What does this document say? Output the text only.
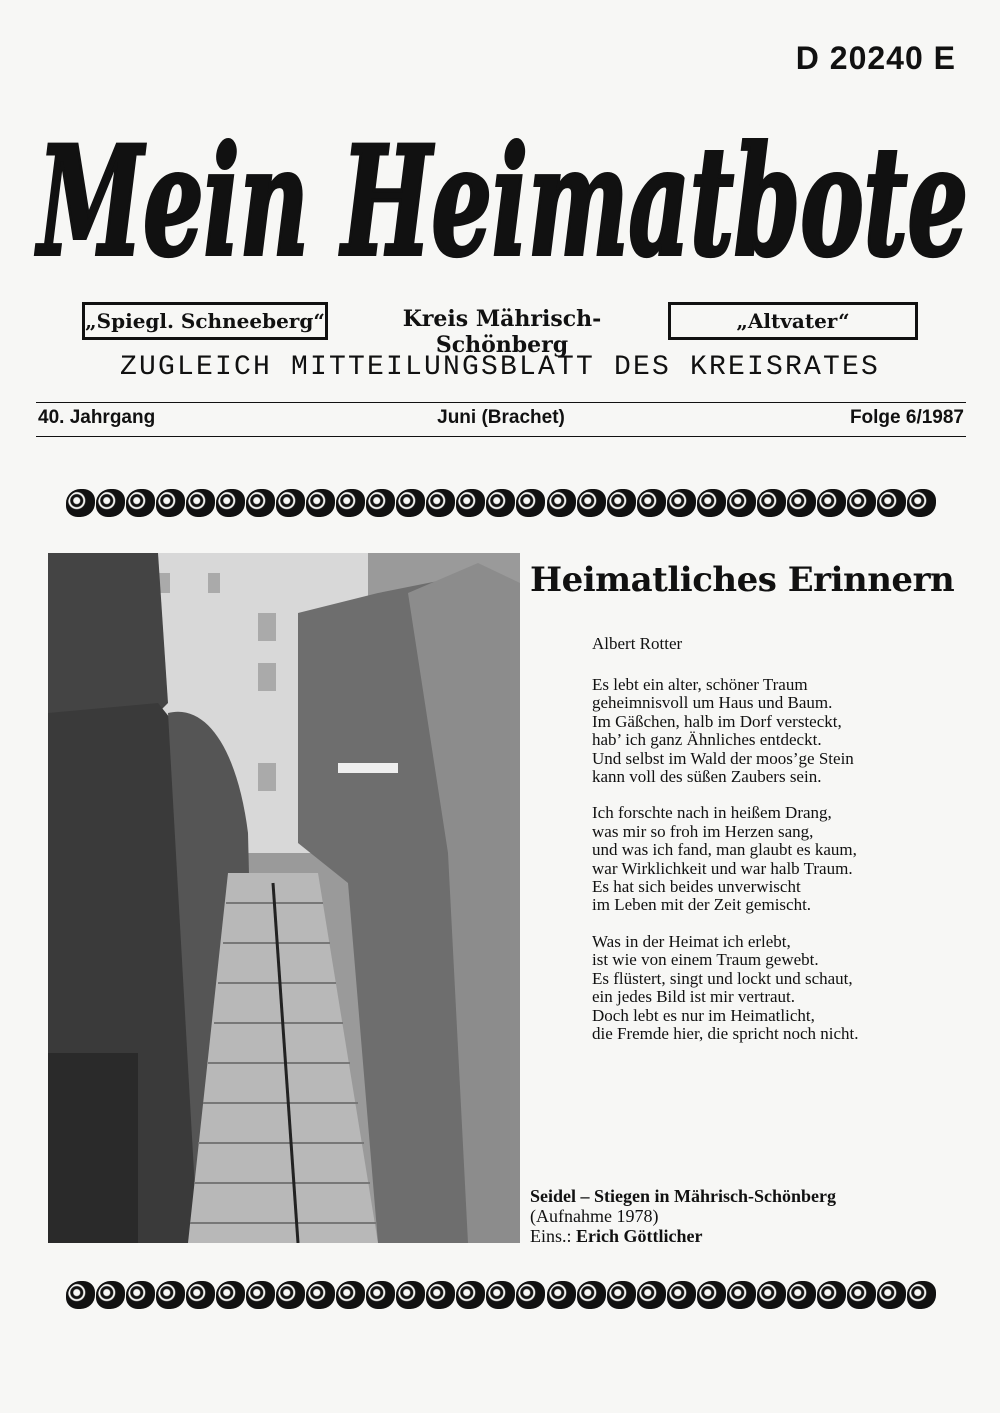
D 20240 E
Mein Heimatbote
„Spiegl. Schneeberg“	Kreis Mährisch-Schönberg
„Altvater“
ZUGLEICH MITTEILUNGSBLATT DES KREISRATES
40. Jahrgang	Juni (Brachet)	Folge 6/1987
Heimatliches Erinnern
Albert Rotter
Es lebt ein alter, schöner Traum
geheimnisvoll um Haus und Baum.
Im Gäßchen, halb im Dorf versteckt,
hab’ ich ganz Ähnliches entdeckt.
Und selbst im Wald der moos’ge Stein
kann voll des süßen Zaubers sein.
Ich forschte nach in heißem Drang,
was mir so froh im Herzen sang,
und was ich fand, man glaubt es kaum,
war Wirklichkeit und war halb Traum.
Es hat sich beides unverwischt
im Leben mit der Zeit gemischt.
Was in der Heimat ich erlebt,
ist wie von einem Traum gewebt.
Es flüstert, singt und lockt und schaut,
ein jedes Bild ist mir vertraut.
Doch lebt es nur im Heimatlicht,
die Fremde hier, die spricht noch nicht.
Seidel – Stiegen in Mährisch-Schönberg
(Aufnahme 1978)
Eins.: Erich Göttlicher
